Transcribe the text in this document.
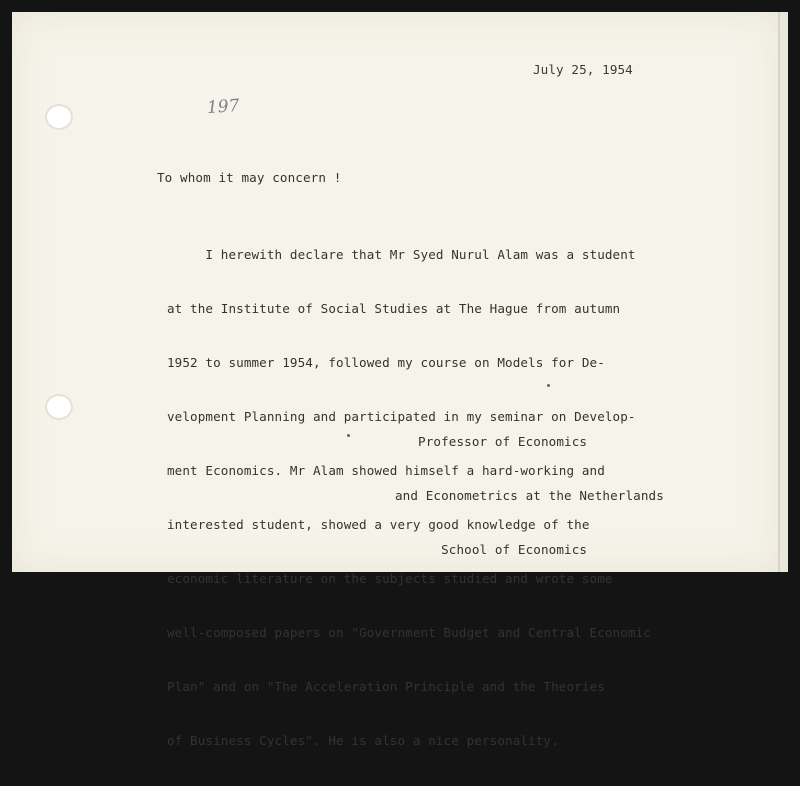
July 25, 1954
197
To whom it may concern !

I herewith declare that Mr Syed Nurul Alam was a student

at the Institute of Social Studies at The Hague from autumn

1952 to summer 1954, followed my course on Models for De-

velopment Planning and participated in my seminar on Develop-

ment Economics. Mr Alam showed himself a hard-working and

interested student, showed a very good knowledge of the

economic literature on the subjects studied and wrote some

well-composed papers on "Government Budget and Central Economic

Plan" and on "The Acceleration Principle and the Theories

of Business Cycles". He is also a nice personality.

Professor of Economics

and Econometrics at the Netherlands

School of Economics
